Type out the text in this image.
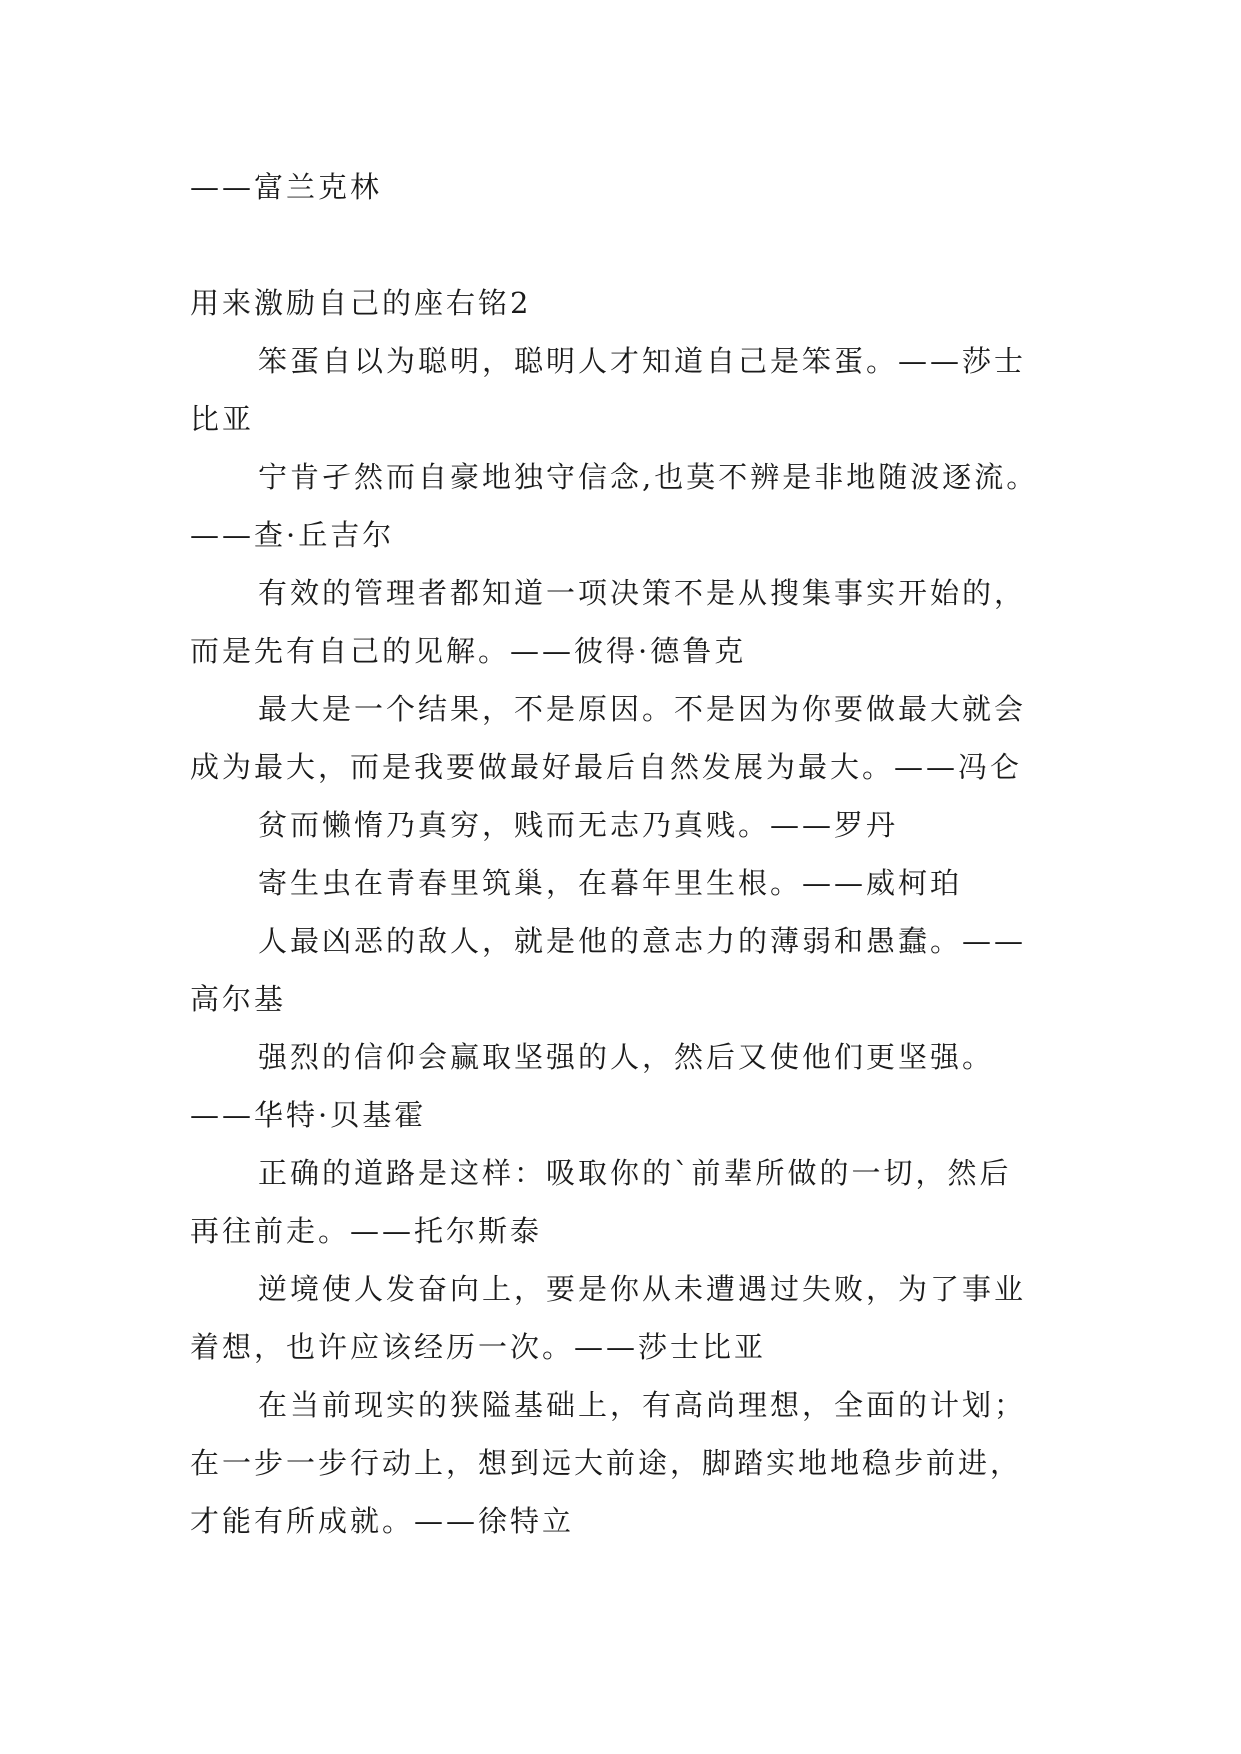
——富兰克林
用来激励自己的座右铭2
笨蛋自以为聪明，聪明人才知道自己是笨蛋。——莎士
比亚
宁肯孑然而自豪地独守信念,也莫不辨是非地随波逐流。
——查·丘吉尔
有效的管理者都知道一项决策不是从搜集事实开始的，
而是先有自己的见解。——彼得·德鲁克
最大是一个结果，不是原因。不是因为你要做最大就会
成为最大，而是我要做最好最后自然发展为最大。——冯仑
贫而懒惰乃真穷，贱而无志乃真贱。——罗丹
寄生虫在青春里筑巢，在暮年里生根。——威柯珀
人最凶恶的敌人，就是他的意志力的薄弱和愚蠢。——
高尔基
强烈的信仰会赢取坚强的人，然后又使他们更坚强。
——华特·贝基霍
正确的道路是这样：吸取你的`前辈所做的一切，然后
再往前走。——托尔斯泰
逆境使人发奋向上，要是你从未遭遇过失败，为了事业
着想，也许应该经历一次。——莎士比亚
在当前现实的狭隘基础上，有高尚理想，全面的计划；
在一步一步行动上，想到远大前途，脚踏实地地稳步前进，
才能有所成就。——徐特立
